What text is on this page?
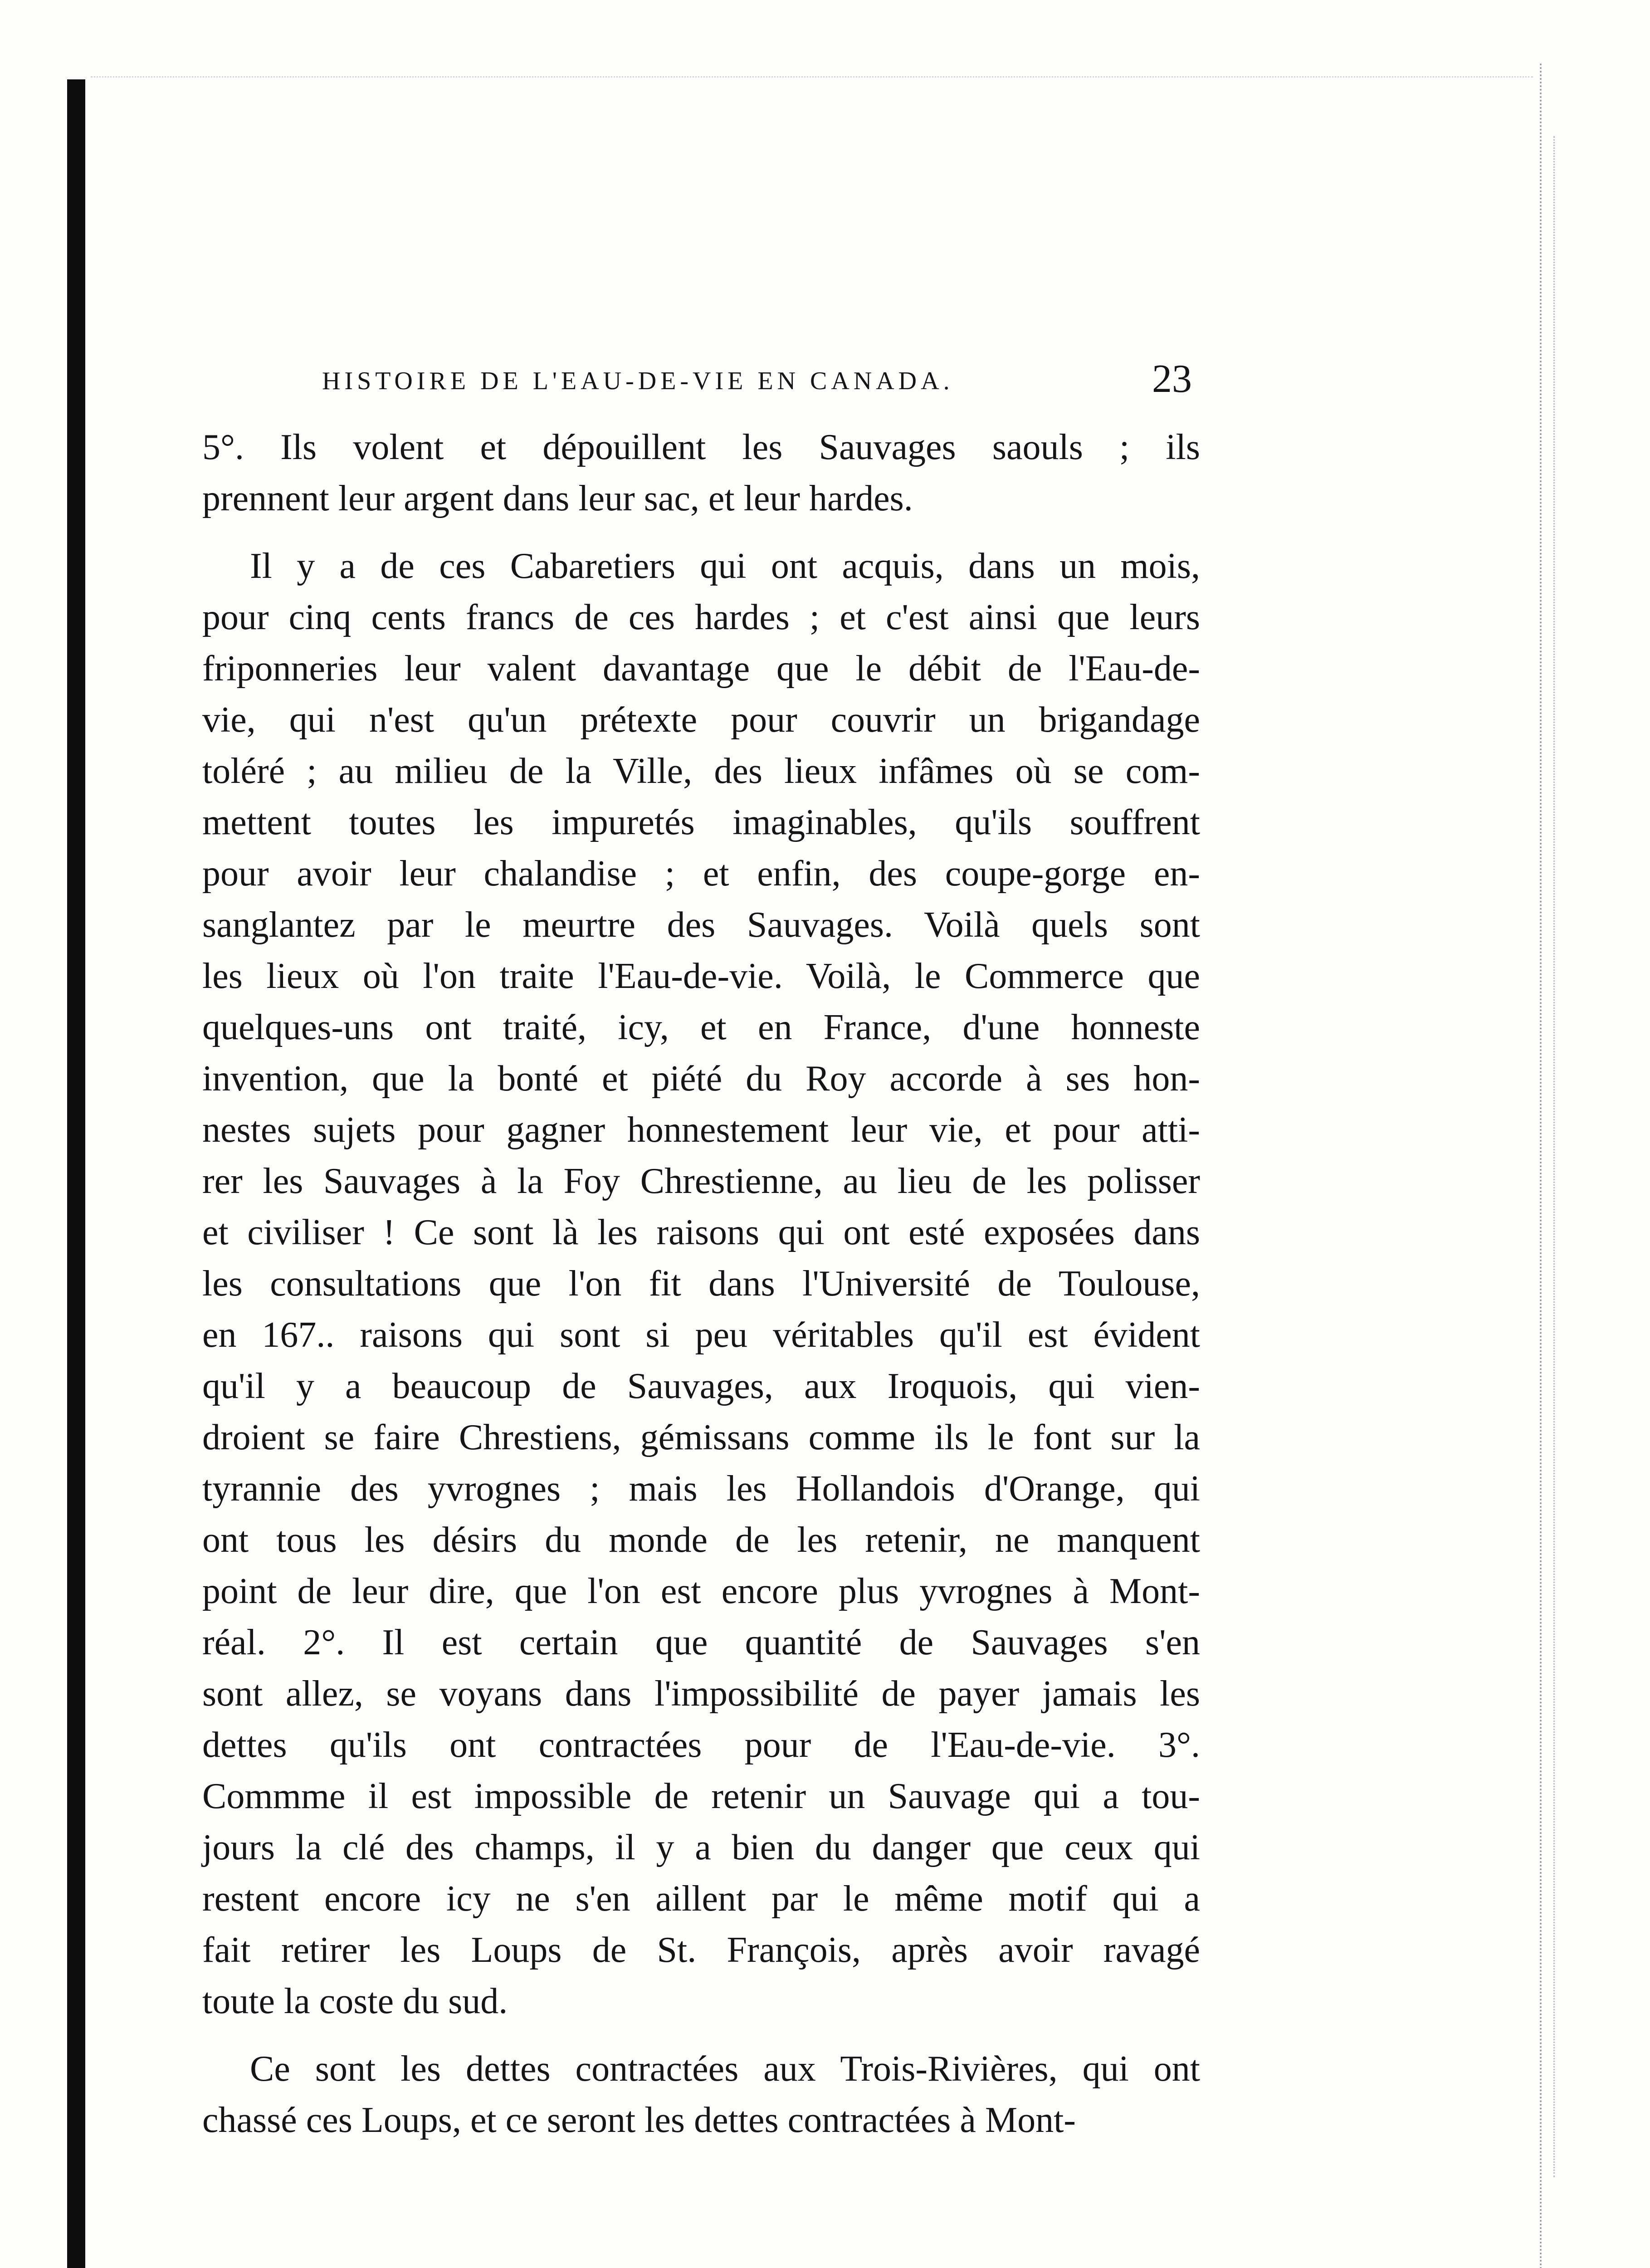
HISTOIRE DE L'EAU-DE-VIE EN CANADA.	23
5°. Ils volent et dépouillent les Sauvages saouls ; ils
prennent leur argent dans leur sac, et leur hardes.
Il y a de ces Cabaretiers qui ont acquis, dans un mois,
pour cinq cents francs de ces hardes ; et c'est ainsi que leurs
friponneries leur valent davantage que le débit de l'Eau-de-
vie, qui n'est qu'un prétexte pour couvrir un brigandage
toléré ; au milieu de la Ville, des lieux infâmes où se com-
mettent toutes les impuretés imaginables, qu'ils souffrent
pour avoir leur chalandise ; et enfin, des coupe-gorge en-
sanglantez par le meurtre des Sauvages. Voilà quels sont
les lieux où l'on traite l'Eau-de-vie. Voilà, le Commerce que
quelques-uns ont traité, icy, et en France, d'une honneste
invention, que la bonté et piété du Roy accorde à ses hon-
nestes sujets pour gagner honnestement leur vie, et pour atti-
rer les Sauvages à la Foy Chrestienne, au lieu de les polisser
et civiliser ! Ce sont là les raisons qui ont esté exposées dans
les consultations que l'on fit dans l'Université de Toulouse,
en 167.. raisons qui sont si peu véritables qu'il est évident
qu'il y a beaucoup de Sauvages, aux Iroquois, qui vien-
droient se faire Chrestiens, gémissans comme ils le font sur la
tyrannie des yvrognes ; mais les Hollandois d'Orange, qui
ont tous les désirs du monde de les retenir, ne manquent
point de leur dire, que l'on est encore plus yvrognes à Mont-
réal. 2°. Il est certain que quantité de Sauvages s'en
sont allez, se voyans dans l'impossibilité de payer jamais les
dettes qu'ils ont contractées pour de l'Eau-de-vie. 3°.
Commme il est impossible de retenir un Sauvage qui a tou-
jours la clé des champs, il y a bien du danger que ceux qui
restent encore icy ne s'en aillent par le même motif qui a
fait retirer les Loups de St. François, après avoir ravagé
toute la coste du sud.
Ce sont les dettes contractées aux Trois-Rivières, qui ont
chassé ces Loups, et ce seront les dettes contractées à Mont-
